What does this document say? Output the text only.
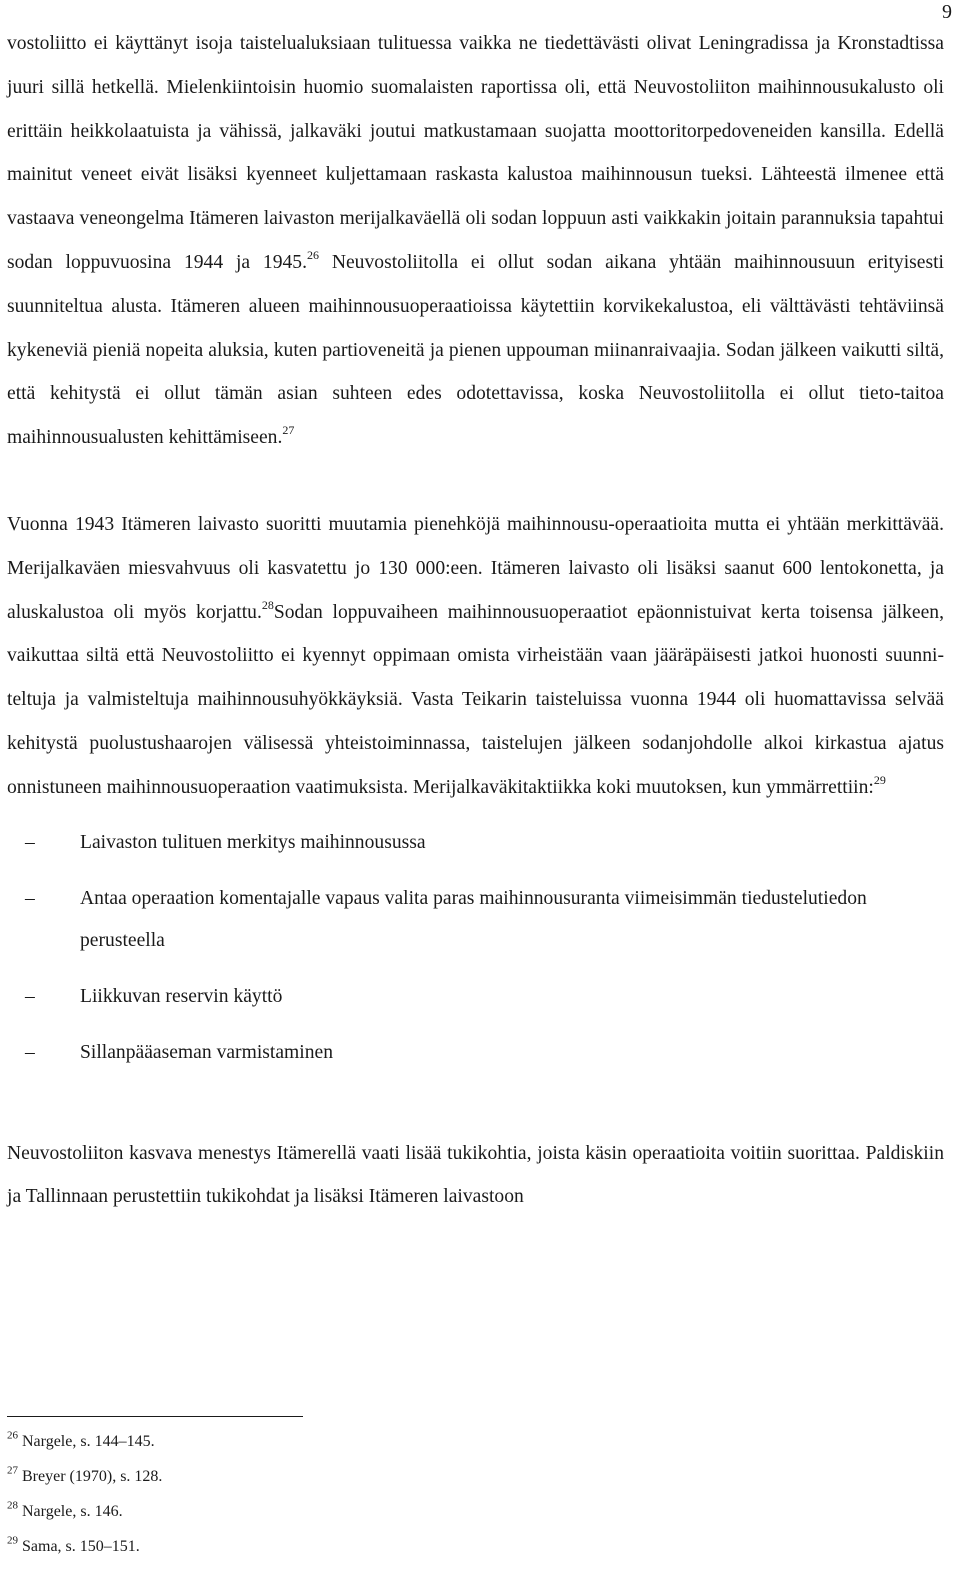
9

vostoliitto ei käyttänyt isoja taistelualuksiaan tulituessa vaikka ne tiedettävästi olivat Leningradissa ja Kronstadtissa juuri sillä hetkellä. Mielenkiintoisin huomio suomalaisten raportissa oli, että Neuvostoliiton maihinnousukalusto oli erittäin heikkolaatuista ja vähissä, jalkaväki joutui matkustamaan suojatta moottoritorpedoveneiden kansilla. Edellä mainitut veneet eivät lisäksi kyenneet kuljettamaan raskasta kalustoa maihinnousun tueksi. Lähteestä ilmenee että vastaava veneongelma Itämeren laivaston merijalkaväellä oli sodan loppuun asti vaikkakin joitain parannuksia tapahtui sodan loppuvuosina 1944 ja 1945.26 Neuvostoliitolla ei ollut sodan aikana yhtään maihinnousuun erityisesti suunniteltua alusta. Itämeren alueen maihinnousuoperaatioissa käytettiin korvikekalustoa, eli välttävästi tehtäviinsä kykeneviä pieniä nopeita aluksia, kuten partioveneitä ja pienen uppouman miinanraivaajia. Sodan jälkeen vaikutti siltä, että kehitystä ei ollut tämän asian suhteen edes odotettavissa, koska Neuvostoliitolla ei ollut tieto-taitoa maihinnousualusten kehittämiseen.$^{27}$

Vuonna 1943 Itämeren laivasto suoritti muutamia pienehköjä maihinnousu-operaatioita mutta ei yhtään merkittävää. Merijalkaväen miesvahvuus oli kasvatettu jo 130 000:een. Itämeren laivasto oli lisäksi saanut 600 lentokonetta, ja aluskalustoa oli myös korjattu.$^{28}$Sodan loppuvaiheen maihinnousuoperaatiot epäonnistuivat kerta toisensa jälkeen, vaikuttaa siltä että Neuvostoliitto ei kyennyt oppimaan omista virheistään vaan jääräpäisesti jatkoi huonosti suunniteltuja ja valmisteltuja maihinnousuhyökkäyksiä. Vasta Teikarin taisteluissa vuonna 1944 oli huomattavissa selvää kehitystä puolustushaarojen välisessä yhteistoiminnassa, taistelujen jälkeen sodanjohdolle alkoi kirkastua ajatus onnistuneen maihinnousuoperaation vaatimuksista. Merijalkaväkitaktiikka koki muutoksen, kun ymmärrettiin:$^{29}$

– Laivaston tulituen merkitys maihinnousussa
– Antaa operaation komentajalle vapaus valita paras maihinnousuranta viimeisimmän tiedustelutiedon perusteella
– Liikkuvan reservin käyttö
– Sillanpääaseman varmistaminen

Neuvostoliiton kasvava menestys Itämerellä vaati lisää tukikohtia, joista käsin operaatioita voitiin suorittaa. Paldiskiin ja Tallinnaan perustettiin tukikohdat ja lisäksi Itämeren laivastoon

$^{26}$ Nargele, s. 144–145.

$^{27}$ Breyer (1970), s. 128.

$^{28}$ Nargele, s. 146.

$^{29}$ Sama, s. 150–151.
